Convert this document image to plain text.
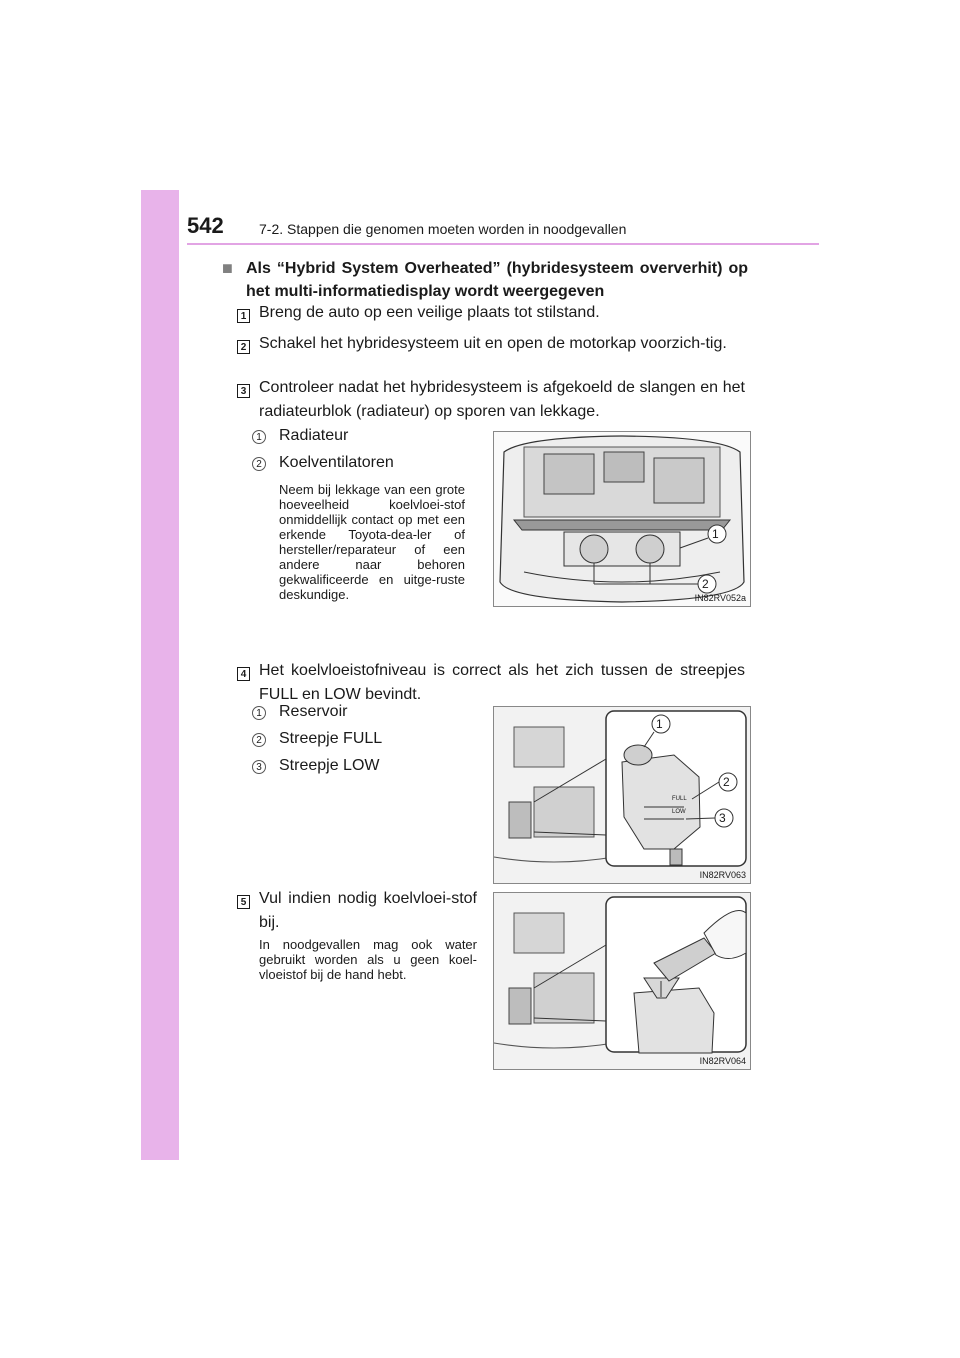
542	7-2. Stappen die genomen moeten worden in noodgevallen
■ Als “Hybrid System Overheated” (hybridesysteem oververhit) op het multi-informatiedisplay wordt weergegeven
1 Breng de auto op een veilige plaats tot stilstand.
2 Schakel het hybridesysteem uit en open de motorkap voorzich-tig.
3 Controleer nadat het hybridesysteem is afgekoeld de slangen en het radiateurblok (radiateur) op sporen van lekkage.
1 Radiateur
2 Koelventilatoren
Neem bij lekkage van een grote hoeveelheid koelvloei-stof onmiddellijk contact op met een erkende Toyota-dea-ler of hersteller/reparateur of een andere naar behoren gekwalificeerde en uitge-ruste deskundige.
1
2
IN82RV052a
4 Het koelvloeistofniveau is correct als het zich tussen de streepjes FULL en LOW bevindt.
1 Reservoir
2 Streepje FULL
3 Streepje LOW
FULL
LOW
1
2
3
IN82RV063
5 Vul indien nodig koelvloei-stof bij.
In noodgevallen mag ook water gebruikt worden als u geen koel-vloeistof bij de hand hebt.
IN82RV064
